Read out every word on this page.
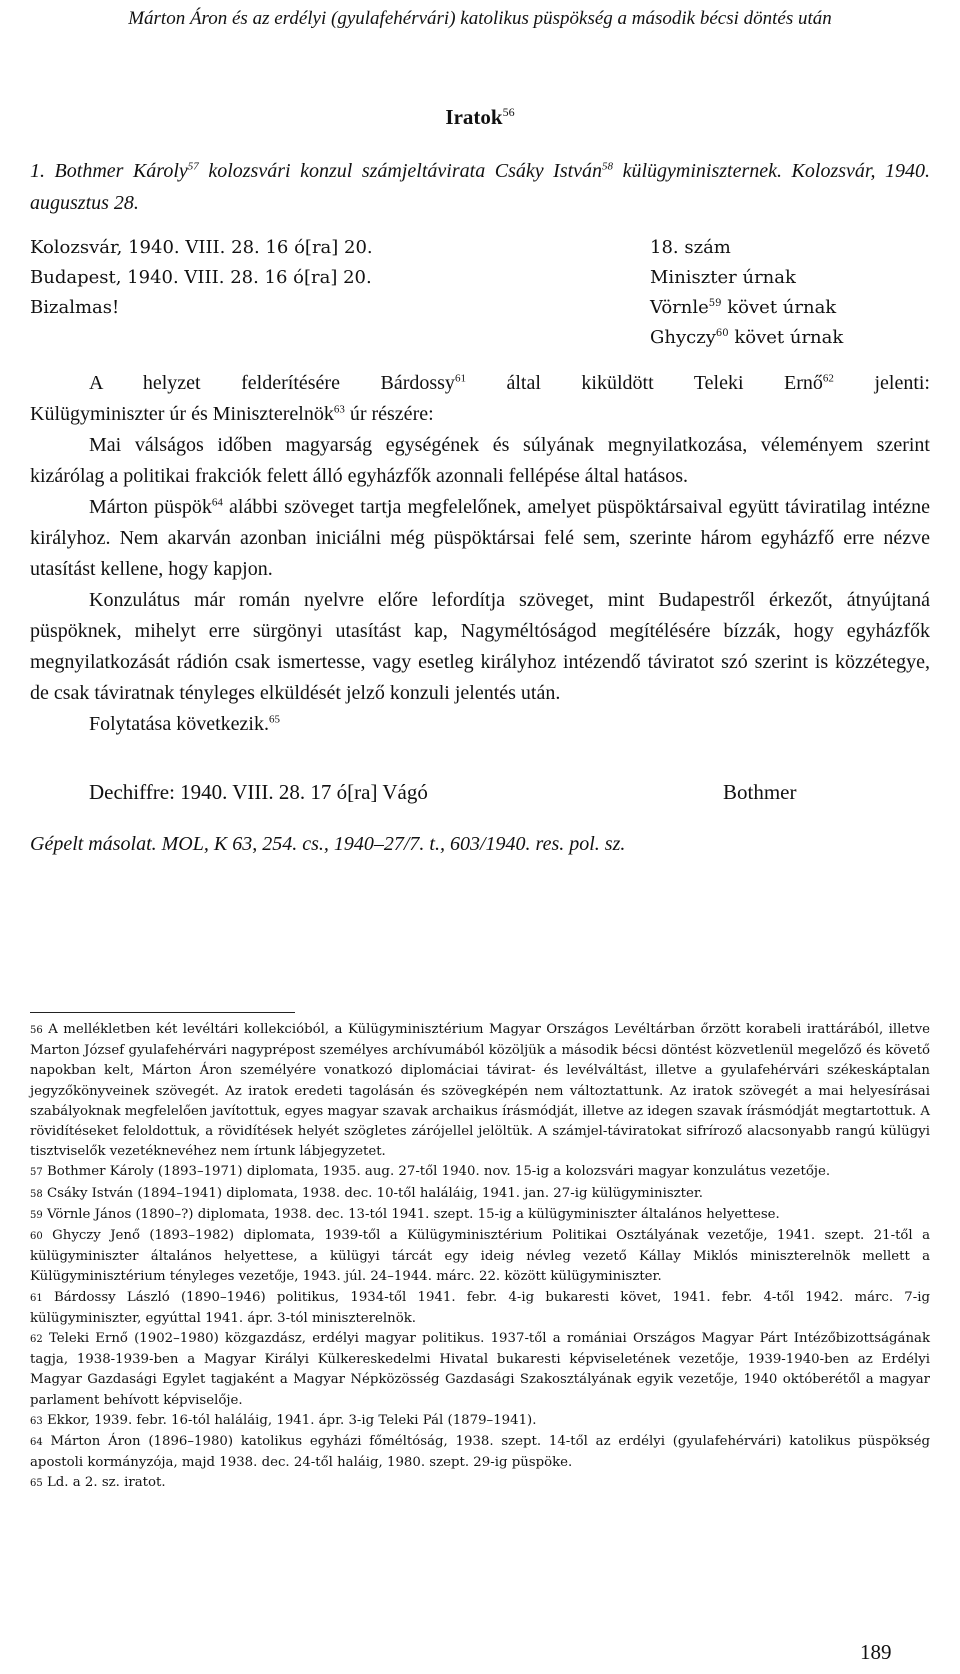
Márton Áron és az erdélyi (gyulafehérvári) katolikus püspökség a második bécsi döntés után
Iratok$^{56}$
1. Bothmer Károly$^{57}$ kolozsvári konzul számjeltávirata Csáky István$^{58}$ külügyminiszternek. Kolozsvár, 1940. augusztus 28.
Kolozsvár, 1940. VIII. 28. 16 ó[ra] 20.
Budapest, 1940. VIII. 28. 16 ó[ra] 20.
Bizalmas!
18. szám
Miniszter úrnak
Vörnle$^{59}$ követ úrnak
Ghyczy$^{60}$ követ úrnak

A helyzet felderítésére Bárdossy$^{61}$ által kiküldött Teleki Ernő$^{62}$ jelenti:

Külügyminiszter úr és Miniszterelnök$^{63}$ úr részére:

Mai válságos időben magyarság egységének és súlyának megnyilatkozása, véleményem szerint kizárólag a politikai frakciók felett álló egyházfők azonnali fellépése által hatásos.

Márton püspök$^{64}$ alábbi szöveget tartja megfelelőnek, amelyet püspöktársaival együtt táviratilag intézne királyhoz. Nem akarván azonban iniciálni még püspöktársai felé sem, szerinte három egyházfő erre nézve utasítást kellene, hogy kapjon.

Konzulátus már román nyelvre előre lefordítja szöveget, mint Budapestről érkezőt, átnyújtaná püspöknek, mihelyt erre sürgönyi utasítást kap, Nagyméltóságod megítélésére bízzák, hogy egyházfők megnyilatkozását rádión csak ismertesse, vagy esetleg királyhoz intézendő táviratot szó szerint is közzétegye, de csak táviratnak tényleges elküldését jelző konzuli jelentés után.

Folytatása következik.$^{65}$

Dechiffre: 1940. VIII. 28. 17 ó[ra] Vágó	Bothmer
Gépelt másolat. MOL, K 63, 254. cs., 1940–27/7. t., 603/1940. res. pol. sz.

56 A mellékletben két levéltári kollekcióból, a Külügyminisztérium Magyar Országos Levéltárban őrzött korabeli irattárából, illetve Marton József gyulafehérvári nagyprépost személyes archívumából közöljük a második bécsi döntést közvetlenül megelőző és követő napokban kelt, Márton Áron személyére vonatkozó diplomáciai távirat- és levélváltást, illetve a gyulafehérvári székeskáptalan jegyzőkönyveinek szövegét. Az iratok eredeti tagolásán és szövegképén nem változtattunk. Az iratok szövegét a mai helyesírásai szabályoknak megfelelően javítottuk, egyes magyar szavak archaikus írásmódját, illetve az idegen szavak írásmódját megtartottuk. A rövidítéseket feloldottuk, a rövidítések helyét szögletes zárójellel jelöltük. A számjel-táviratokat sifríroző alacsonyabb rangú külügyi tisztviselők vezetéknevéhez nem írtunk lábjegyzetet.

57 Bothmer Károly (1893–1971) diplomata, 1935. aug. 27-től 1940. nov. 15-ig a kolozsvári magyar konzulátus vezetője.

58 Csáky István (1894–1941) diplomata, 1938. dec. 10-től haláláig, 1941. jan. 27-ig külügyminiszter.

59 Vörnle János (1890–?) diplomata, 1938. dec. 13-tól 1941. szept. 15-ig a külügyminiszter általános helyettese.

60 Ghyczy Jenő (1893–1982) diplomata, 1939-től a Külügyminisztérium Politikai Osztályának vezetője, 1941. szept. 21-től a külügyminiszter általános helyettese, a külügyi tárcát egy ideig névleg vezető Kállay Miklós miniszterelnök mellett a Külügyminisztérium tényleges vezetője, 1943. júl. 24–1944. márc. 22. között külügyminiszter.

61 Bárdossy László (1890–1946) politikus, 1934-től 1941. febr. 4-ig bukaresti követ, 1941. febr. 4-től 1942. márc. 7-ig külügyminiszter, egyúttal 1941. ápr. 3-tól miniszterelnök.

62 Teleki Ernő (1902–1980) közgazdász, erdélyi magyar politikus. 1937-től a romániai Országos Magyar Párt Intézőbizottságának tagja, 1938-1939-ben a Magyar Királyi Külkereskedelmi Hivatal bukaresti képviseletének vezetője, 1939-1940-ben az Erdélyi Magyar Gazdasági Egylet tagjaként a Magyar Népközösség Gazdasági Szakosztályának egyik vezetője, 1940 októberétől a magyar parlament behívott képviselője.

63 Ekkor, 1939. febr. 16-tól haláláig, 1941. ápr. 3-ig Teleki Pál (1879–1941).

64 Márton Áron (1896–1980) katolikus egyházi főméltóság, 1938. szept. 14-től az erdélyi (gyulafehérvári) katolikus püspökség apostoli kormányzója, majd 1938. dec. 24-től haláig, 1980. szept. 29-ig püspöke.

65 Ld. a 2. sz. iratot.

189
